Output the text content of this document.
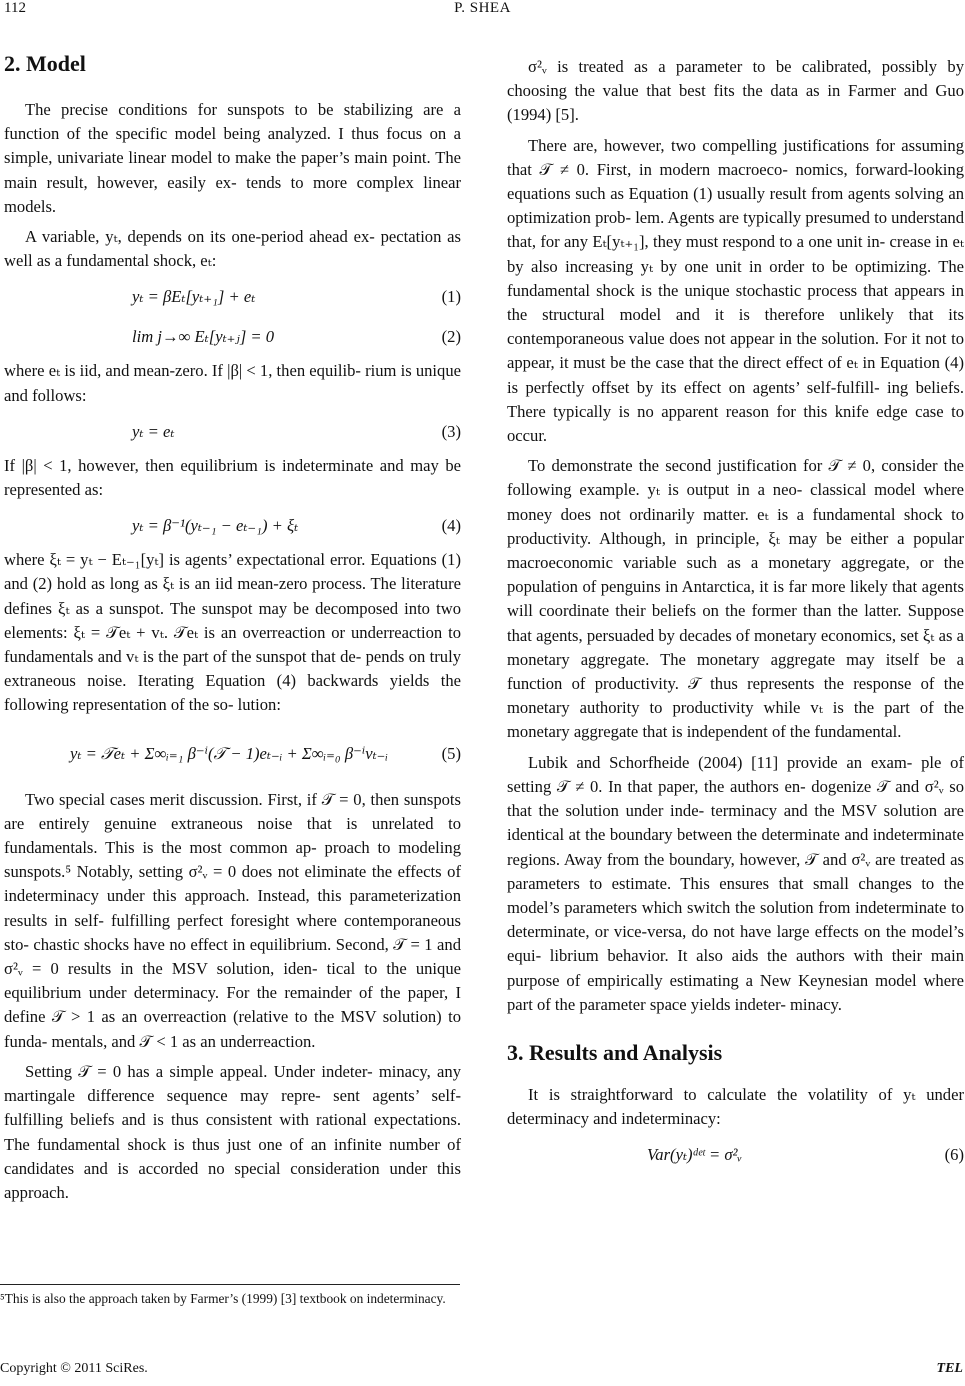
112	P. SHEA
2. Model

The precise conditions for sunspots to be stabilizing are a function of the specific model being analyzed. I thus focus on a simple, univariate linear model to make the paper’s main point. The main result, however, easily ex- tends to more complex linear models.

A variable, yₜ, depends on its one-period ahead ex- pectation as well as a fundamental shock, eₜ:

yₜ = βEₜ[yₜ₊₁] + eₜ	(1)
lim j→∞ Eₜ[yₜ₊ⱼ] = 0	(2)

where eₜ is iid, and mean-zero. If |β| < 1, then equilib- rium is unique and follows:

yₜ = eₜ	(3)

If |β| < 1, however, then equilibrium is indeterminate and may be represented as:

yₜ = β⁻¹(yₜ₋₁ − eₜ₋₁) + ξₜ	(4)

where ξₜ = yₜ − Eₜ₋₁[yₜ] is agents’ expectational error. Equations (1) and (2) hold as long as ξₜ is an iid mean-zero process. The literature defines ξₜ as a sunspot. The sunspot may be decomposed into two elements: ξₜ = 𝒯eₜ + vₜ. 𝒯eₜ is an overreaction or underreaction to fundamentals and vₜ is the part of the sunspot that de- pends on truly extraneous noise. Iterating Equation (4) backwards yields the following representation of the so- lution:

yₜ = 𝒯eₜ + Σ∞ᵢ₌₁ β⁻ⁱ(𝒯 − 1)eₜ₋ᵢ + Σ∞ᵢ₌₀ β⁻ⁱvₜ₋ᵢ	(5)

Two special cases merit discussion. First, if 𝒯 = 0, then sunspots are entirely genuine extraneous noise that is unrelated to fundamentals. This is the most common ap- proach to modeling sunspots.⁵ Notably, setting σ²ᵥ = 0 does not eliminate the effects of indeterminacy under this approach. Instead, this parameterization results in self- fulfilling perfect foresight where contemporaneous sto- chastic shocks have no effect in equilibrium. Second, 𝒯 = 1 and σ²ᵥ = 0 results in the MSV solution, iden- tical to the unique equilibrium under determinacy. For the remainder of the paper, I define 𝒯 > 1 as an overreaction (relative to the MSV solution) to funda- mentals, and 𝒯 < 1 as an underreaction.

Setting 𝒯 = 0 has a simple appeal. Under indeter- minacy, any martingale difference sequence may repre- sent agents’ self-fulfilling beliefs and is thus consistent with rational expectations. The fundamental shock is thus just one of an infinite number of candidates and is accorded no special consideration under this approach.

⁵This is also the approach taken by Farmer’s (1999) [3] textbook on indeterminacy.

σ²ᵥ is treated as a parameter to be calibrated, possibly by choosing the value that best fits the data as in Farmer and Guo (1994) [5].

There are, however, two compelling justifications for assuming that 𝒯 ≠ 0. First, in modern macroeco- nomics, forward-looking equations such as Equation (1) usually result from agents solving an optimization prob- lem. Agents are typically presumed to understand that, for any Eₜ[yₜ₊₁], they must respond to a one unit in- crease in eₜ by also increasing yₜ by one unit in order to be optimizing. The fundamental shock is the unique stochastic process that appears in the structural model and it is therefore unlikely that its contemporaneous value does not appear in the solution. For it not to appear, it must be the case that the direct effect of eₜ in Equation (4) is perfectly offset by its effect on agents’ self-fulfill- ing beliefs. There typically is no apparent reason for this knife edge case to occur.

To demonstrate the second justification for 𝒯 ≠ 0, consider the following example. yₜ is output in a neo- classical model where money does not ordinarily matter. eₜ is a fundamental shock to productivity. Although, in principle, ξₜ may be either a popular macroeconomic variable such as a monetary aggregate, or the population of penguins in Antarctica, it is far more likely that agents will coordinate their beliefs on the former than the latter. Suppose that agents, persuaded by decades of monetary economics, set ξₜ as a monetary aggregate. The monetary aggregate may itself be a function of productivity. 𝒯 thus represents the response of the monetary authority to productivity while vₜ is the part of the monetary aggregate that is independent of the fundamental.

Lubik and Schorfheide (2004) [11] provide an exam- ple of setting 𝒯 ≠ 0. In that paper, the authors en- dogenize 𝒯 and σ²ᵥ so that the solution under inde- terminacy and the MSV solution are identical at the boundary between the determinate and indeterminate regions. Away from the boundary, however, 𝒯 and σ²ᵥ are treated as parameters to estimate. This ensures that small changes to the model’s parameters which switch the solution from indeterminate to determinate, or vice-versa, do not have large effects on the model’s equi- librium behavior. It also aids the authors with their main purpose of empirically estimating a New Keynesian model where part of the parameter space yields indeter- minacy.

3. Results and Analysis

It is straightforward to calculate the volatility of yₜ under determinacy and indeterminacy:

Var(yₜ)ᵈᵉᵗ = σ²ᵥ	(6)
Copyright © 2011 SciRes.	TEL
